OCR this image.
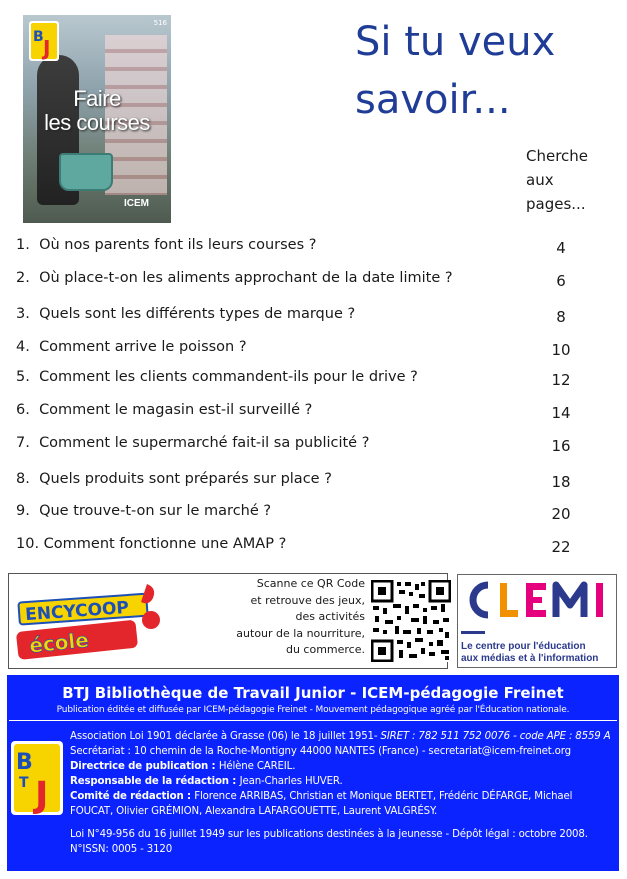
B J
516
Faire
les courses
ICEM
Si tu veux
savoir...
Cherche
aux
pages...
1. Où nos parents font ils leurs courses ?	4
2. Où place-t-on les aliments approchant de la date limite ?	6
3. Quels sont les différents types de marque ?	8
4. Comment arrive le poisson ?	10
5. Comment les clients commandent-ils pour le drive ?	12
6. Comment le magasin est-il surveillé ?	14
7. Comment le supermarché fait-il sa publicité ?	16
8. Quels produits sont préparés sur place ?	18
9. Que trouve-t-on sur le marché ?	20
10. Comment fonctionne une AMAP ?	22
ENCYCOOP
école
Scanne ce QR Code
et retrouve des jeux,
des activités
autour de la nourriture,
du commerce.
CLEMI
Le centre pour l'éducation
aux médias et à l'information
BTJ Bibliothèque de Travail Junior - ICEM-pédagogie Freinet
Publication éditée et diffusée par ICEM-pédagogie Freinet - Mouvement pédagogique agréé par l'Éducation nationale.
B
T J

Association Loi 1901 déclarée à Grasse (06) le 18 juillet 1951- SIRET : 782 511 752 0076 - code APE : 8559 A

Secrétariat : 10 chemin de la Roche-Montigny 44000 NANTES (France) - secretariat@icem-freinet.org

Directrice de publication : Hélène CAREIL.

Responsable de la rédaction : Jean-Charles HUVER.

Comité de rédaction : Florence ARRIBAS, Christian et Monique BERTET, Frédéric DÉFARGE, Michael

FOUCAT, Olivier GRÉMION, Alexandra LAFARGOUETTE, Laurent VALGRÉSY.

Loi N°49-956 du 16 juillet 1949 sur les publications destinées à la jeunesse - Dépôt légal : octobre 2008.

N°ISSN: 0005 - 3120
